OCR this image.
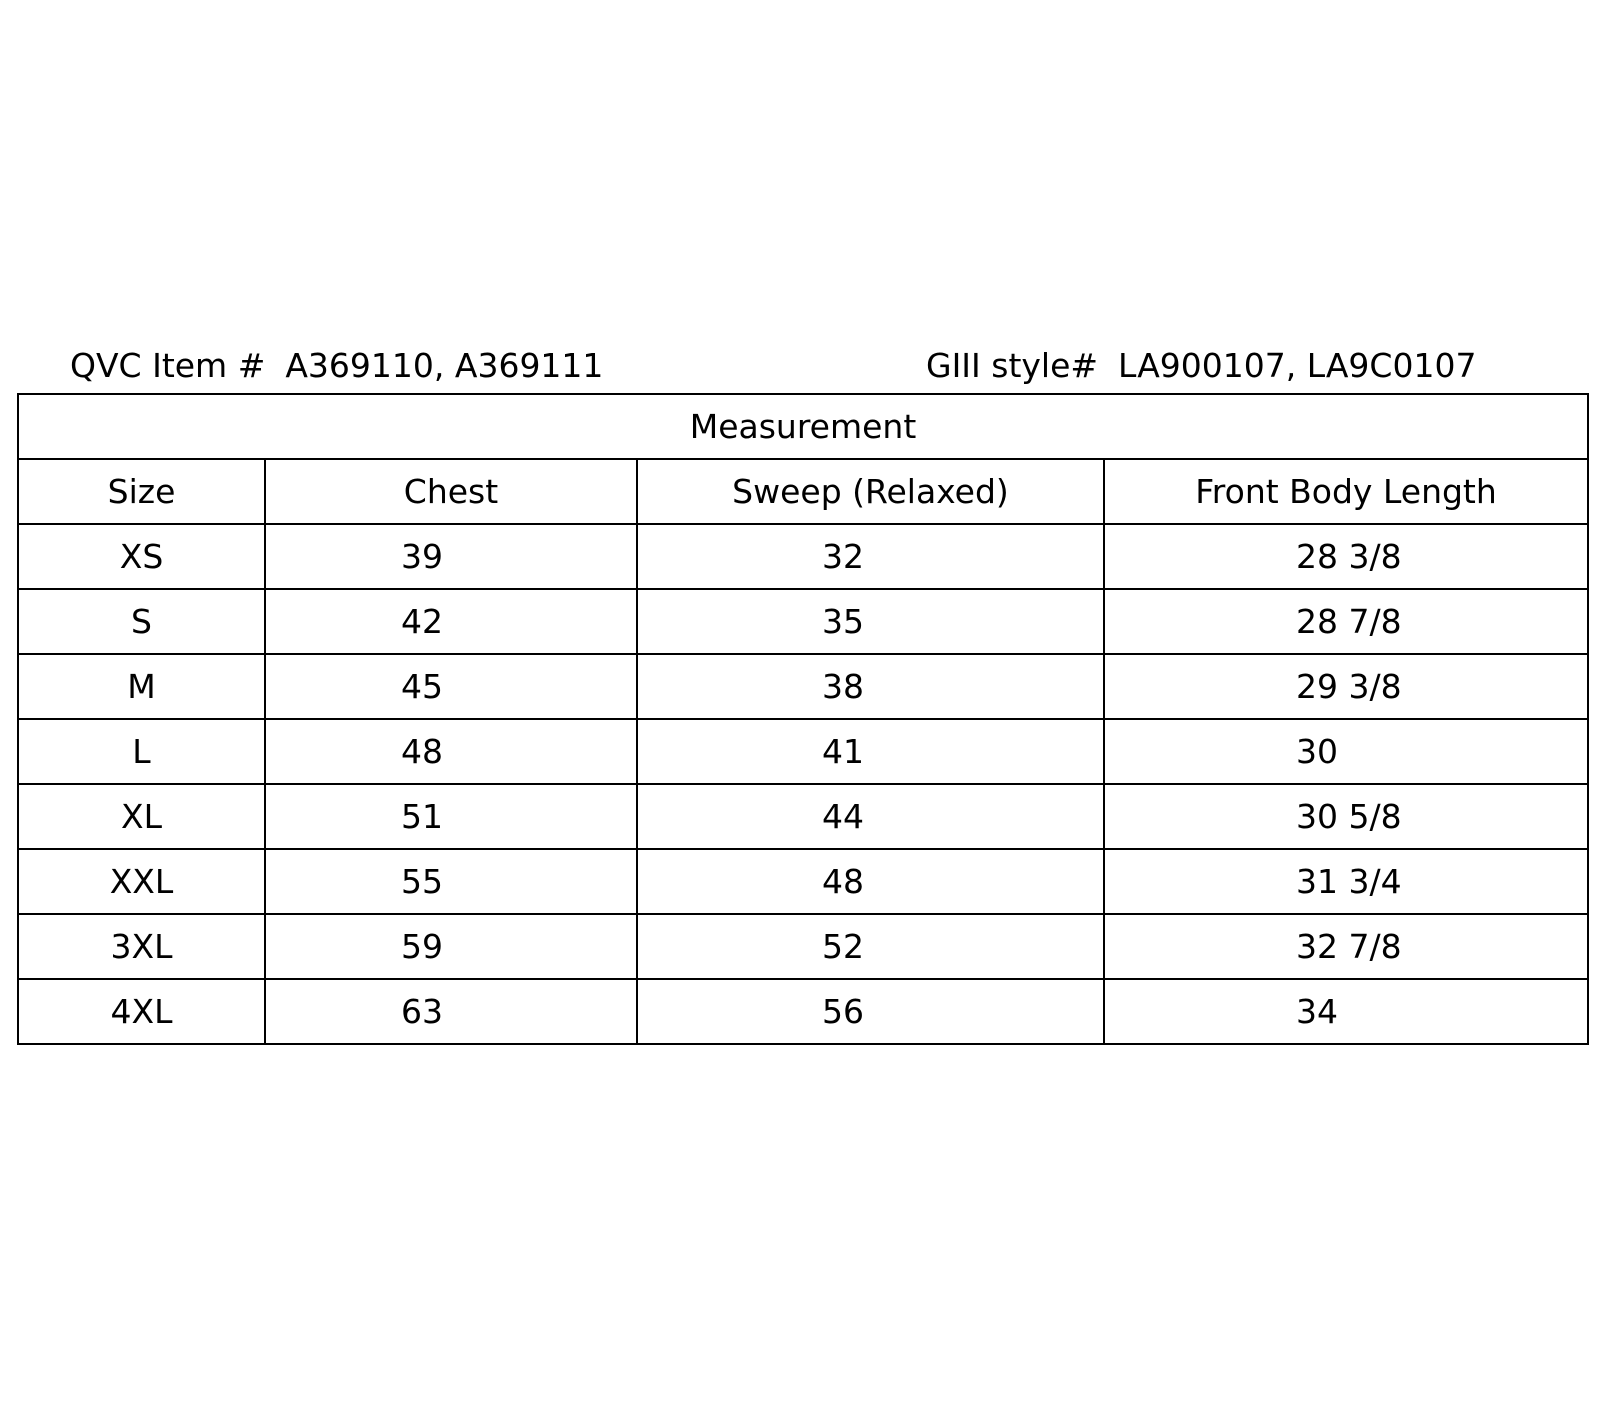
QVC Item # A369110, A369111	GIII style# LA900107, LA9C0107
Measurement			
Size	Chest	Sweep (Relaxed)	Front Body Length
XS	39	32	28 3/8
S	42	35	28 7/8
M	45	38	29 3/8
L	48	41	30
XL	51	44	30 5/8
XXL	55	48	31 3/4
3XL	59	52	32 7/8
4XL	63	56	34
